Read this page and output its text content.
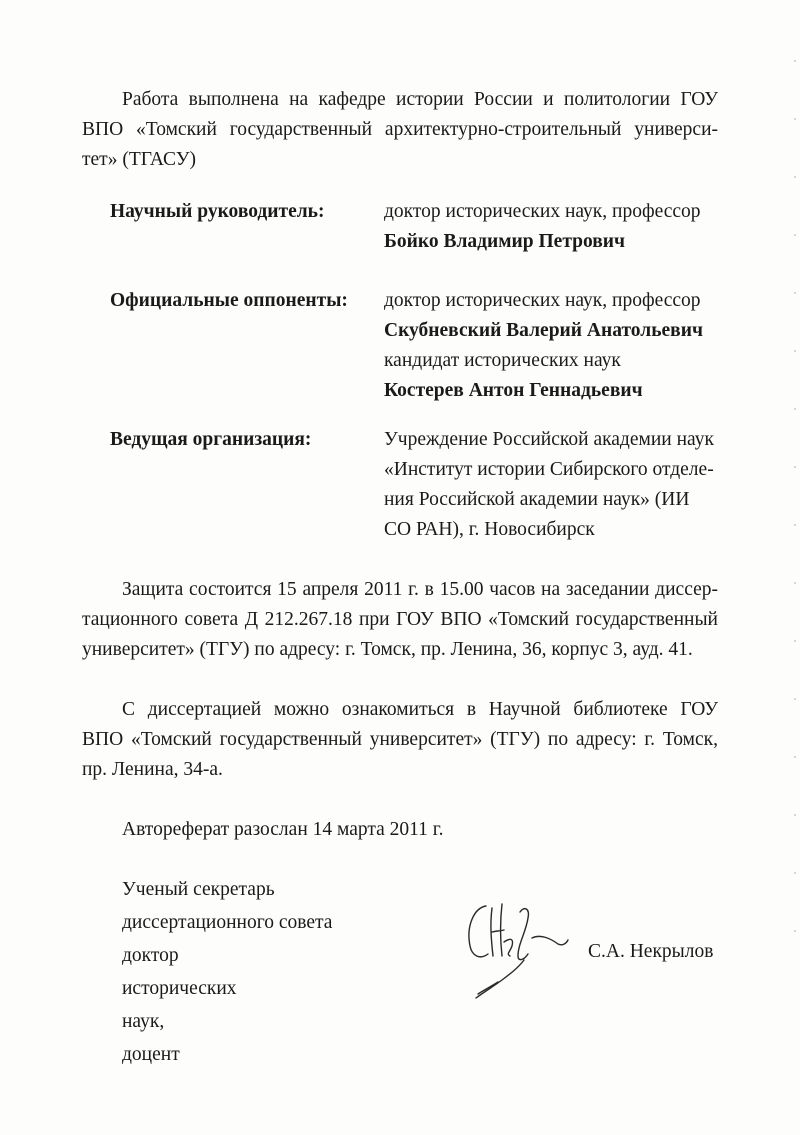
Работа выполнена на кафедре истории России и политологии ГОУ
ВПО «Томский государственный архитектурно-строительный универси-
тет» (ТГАСУ)

Научный руководитель:	доктор исторических наук, профессор
Бойко Владимир Петрович
Официальные оппоненты: доктор исторических наук, профессор
Скубневский Валерий Анатольевич
кандидат исторических наук
Костерев Антон Геннадьевич
Ведущая организация:	Учреждение Российской академии наук
«Институт истории Сибирского отделе-
ния Российской академии наук» (ИИ
СО РАН), г. Новосибирск

Защита состоится 15 апреля 2011 г. в 15.00 часов на заседании диссер-
тационного совета Д 212.267.18 при ГОУ ВПО «Томский государственный
университет» (ТГУ) по адресу: г. Томск, пр. Ленина, 36, корпус 3, ауд. 41.

С диссертацией можно ознакомиться в Научной библиотеке ГОУ
ВПО «Томский государственный университет» (ТГУ) по адресу: г. Томск,
пр. Ленина, 34-а.

Автореферат разослан 14 марта 2011 г.
Ученый секретарь
диссертационного совета
доктор
исторических
наук,
доцент
С.А. Некрылов
